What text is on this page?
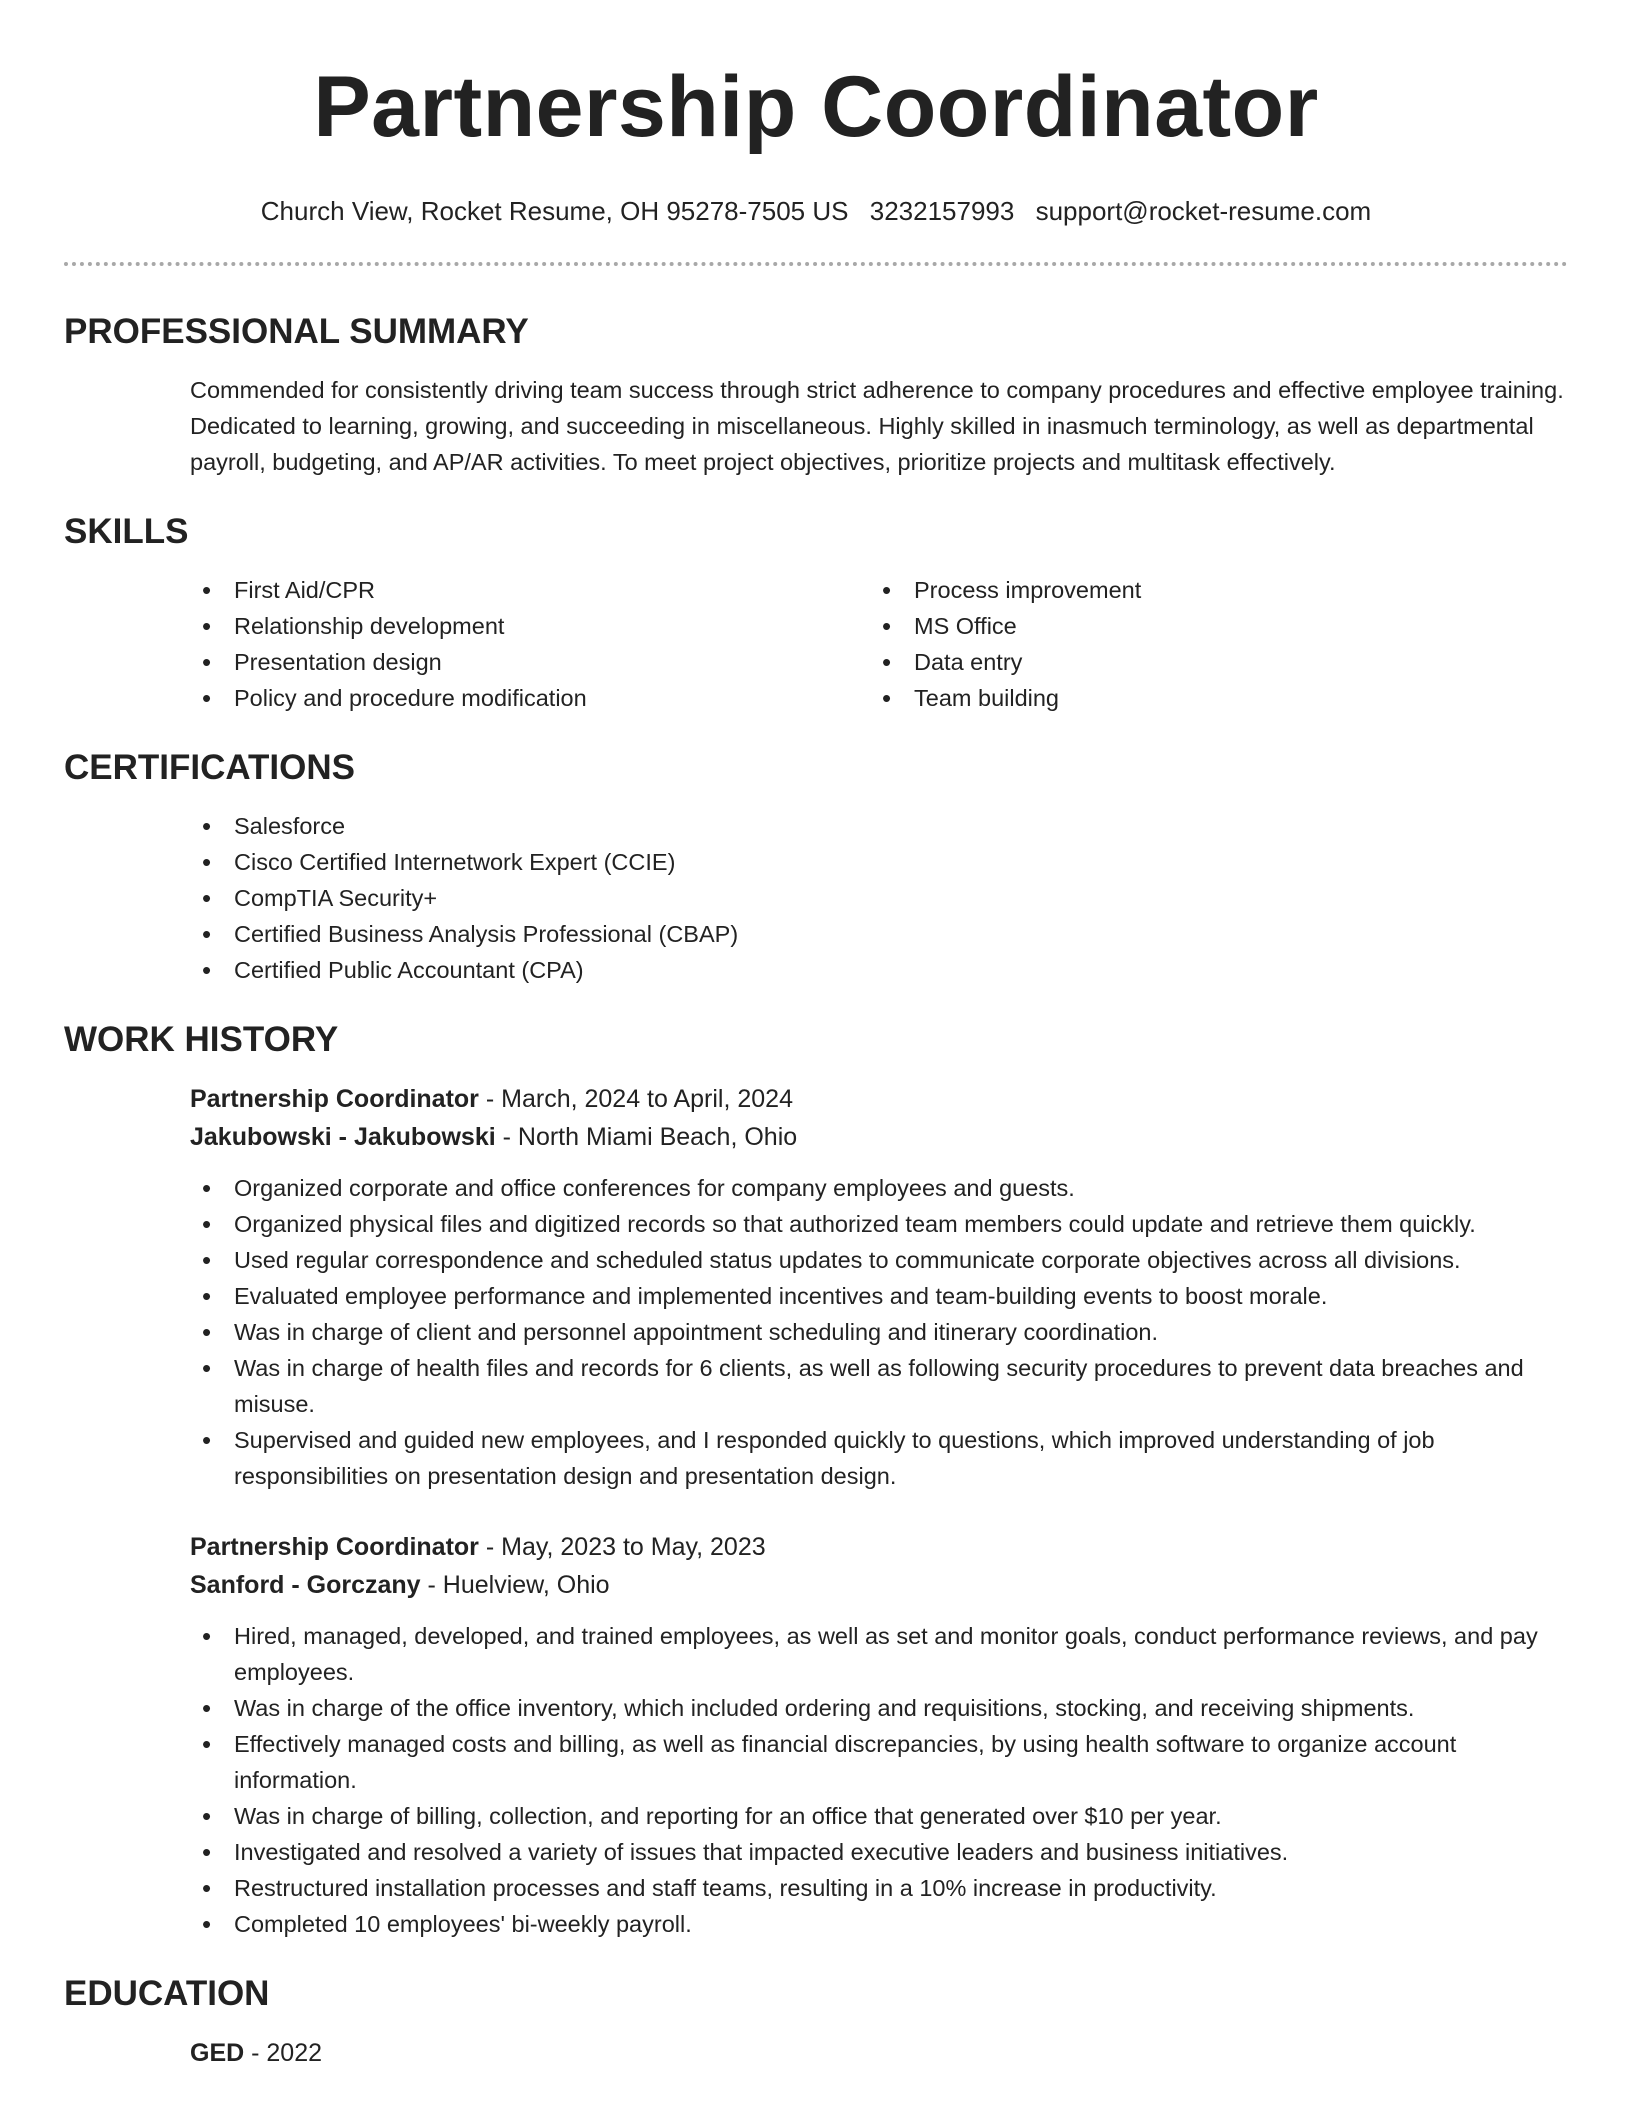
Partnership Coordinator
Church View, Rocket Resume, OH 95278-7505 US 3232157993 support@rocket-resume.com
PROFESSIONAL SUMMARY

Commended for consistently driving team success through strict adherence to company procedures and effective employee training. Dedicated to learning, growing, and succeeding in miscellaneous. Highly skilled in inasmuch terminology, as well as departmental payroll, budgeting, and AP/AR activities. To meet project objectives, prioritize projects and multitask effectively.

SKILLS
• First Aid/CPR
• Relationship development
• Presentation design
• Policy and procedure modification
• Process improvement
• MS Office
• Data entry
• Team building
CERTIFICATIONS
• Salesforce
• Cisco Certified Internetwork Expert (CCIE)
• CompTIA Security+
• Certified Business Analysis Professional (CBAP)
• Certified Public Accountant (CPA)
WORK HISTORY
Partnership Coordinator - March, 2024 to April, 2024
Jakubowski - Jakubowski - North Miami Beach, Ohio
• Organized corporate and office conferences for company employees and guests.
• Organized physical files and digitized records so that authorized team members could update and retrieve them quickly.
• Used regular correspondence and scheduled status updates to communicate corporate objectives across all divisions.
• Evaluated employee performance and implemented incentives and team-building events to boost morale.
• Was in charge of client and personnel appointment scheduling and itinerary coordination.
• Was in charge of health files and records for 6 clients, as well as following security procedures to prevent data breaches and misuse.
• Supervised and guided new employees, and I responded quickly to questions, which improved understanding of job responsibilities on presentation design and presentation design.
Partnership Coordinator - May, 2023 to May, 2023
Sanford - Gorczany - Huelview, Ohio
• Hired, managed, developed, and trained employees, as well as set and monitor goals, conduct performance reviews, and pay employees.
• Was in charge of the office inventory, which included ordering and requisitions, stocking, and receiving shipments.
• Effectively managed costs and billing, as well as financial discrepancies, by using health software to organize account information.
• Was in charge of billing, collection, and reporting for an office that generated over $10 per year.
• Investigated and resolved a variety of issues that impacted executive leaders and business initiatives.
• Restructured installation processes and staff teams, resulting in a 10% increase in productivity.
• Completed 10 employees' bi-weekly payroll.
EDUCATION
GED - 2022
